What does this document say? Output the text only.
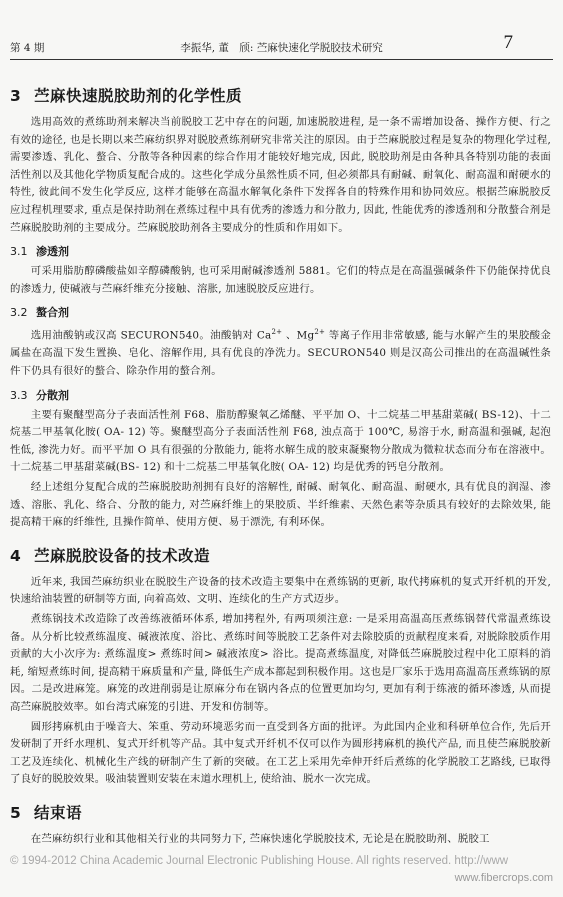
第 4 期	李振华, 董　颀: 苎麻快速化学脱胶技术研究	7
3 苎麻快速脱胶助剂的化学性质

选用高效的煮练助剂来解决当前脱胶工艺中存在的问题, 加速脱胶进程, 是一条不需增加设备、操作方便、行之有效的途径, 也是长期以来苎麻纺织界对脱胶煮练剂研究非常关注的原因。由于苎麻脱胶过程是复杂的物理化学过程, 需要渗透、乳化、螯合、分散等各种因素的综合作用才能较好地完成, 因此, 脱胶助剂是由各种具各特别功能的表面活性剂以及其他化学物质复配合成的。这些化学成分虽然性质不同, 但必须都具有耐碱、耐氧化、耐高温和耐硬水的特性, 彼此间不发生化学反应, 这样才能够在高温水解氧化条件下发挥各自的特殊作用和协同效应。根据苎麻脱胶反应过程机理要求, 重点是保持助剂在煮练过程中具有优秀的渗透力和分散力, 因此, 性能优秀的渗透剂和分散螯合剂是苎麻脱胶助剂的主要成分。苎麻脱胶助剂各主要成分的性质和作用如下。

3.1 渗透剂

可采用脂肪醇磷酸盐如辛醇磷酸钠, 也可采用耐碱渗透剂 5881。它们的特点是在高温强碱条件下仍能保持优良的渗透力, 使碱液与苎麻纤维充分接触、溶胀, 加速脱胶反应进行。

3.2 螯合剂

选用油酸钠或汉高 SECURON540。油酸钠对 $Ca^{2+}$ 、$Mg^{2+}$ 等离子作用非常敏感, 能与水解产生的果胶酸金属盐在高温下发生置换、皂化、溶解作用, 具有优良的净洗力。SECURON540 则是汉高公司推出的在高温碱性条件下仍具有很好的螯合、除杂作用的螯合剂。

3.3 分散剂

主要有聚醚型高分子表面活性剂 F68、脂肪醇聚氧乙烯醚、平平加 O、十二烷基二甲基甜菜碱( BS-12)、十二烷基二甲基氧化胺( OA- 12) 等。聚醚型高分子表面活性剂 F68, 浊点高于 100℃, 易溶于水, 耐高温和强碱, 起泡性低, 渗洗力好。而平平加 O 具有很强的分散能力, 能将水解生成的胶束凝聚物分散成为微粒状态而分布在溶液中。十二烷基二甲基甜菜碱(BS- 12) 和十二烷基二甲基氧化胺( OA- 12) 均是优秀的钙皂分散剂。

经上述组分复配合成的苎麻脱胶助剂拥有良好的溶解性, 耐碱、耐氧化、耐高温、耐硬水, 具有优良的润湿、渗透、溶胀、乳化、络合、分散的能力, 对苎麻纤维上的果胶质、半纤维素、天然色素等杂质具有较好的去除效果, 能提高精干麻的纤维性, 且操作简单、使用方便、易于漂洗, 有利环保。

4 苎麻脱胶设备的技术改造

近年来, 我国苎麻纺织业在脱胶生产设备的技术改造主要集中在煮练锅的更新, 取代拷麻机的复式开纤机的开发, 快速给油装置的研制等方面, 向着高效、文明、连续化的生产方式迈步。

煮练锅技术改造除了改善练液循环体系, 增加拷程外, 有两项须注意: 一是采用高温高压煮练锅替代常温煮练设备。从分析比较煮练温度、碱液浓度、浴比、煮练时间等脱胶工艺条件对去除胶质的贡献程度来看, 对脱除胶质作用贡献的大小次序为: 煮练温度> 煮练时间> 碱液浓度> 浴比。提高煮练温度, 对降低苎麻脱胶过程中化工原料的消耗, 缩短煮练时间, 提高精干麻质量和产量, 降低生产成本都起到积极作用。这也是厂家乐于选用高温高压煮练锅的原因。二是改进麻笼。麻笼的改进削弱是让原麻分布在锅内各点的位置更加均匀, 更加有利于练液的循环渗透, 从而提高苎麻脱胶效率。如台湾式麻笼的引进、开发和仿制等。

圆形拷麻机由于噪音大、笨重、劳动环境恶劣而一直受到各方面的批评。为此国内企业和科研单位合作, 先后开发研制了开纤水理机、复式开纤机等产品。其中复式开纤机不仅可以作为圆形拷麻机的换代产品, 而且使苎麻脱胶新工艺及连续化、机械化生产线的研制产生了新的突破。在工艺上采用先牵伸开纤后煮练的化学脱胶工艺路线, 已取得了良好的脱胶效果。吸油装置则安装在末道水理机上, 使给油、脱水一次完成。

5 结束语

在苎麻纺织行业和其他相关行业的共同努力下, 苎麻快速化学脱胶技术, 无论是在脱胶助剂、脱胶工

© 1994-2012 China Academic Journal Electronic Publishing House. All rights reserved. http://www
www.fibercrops.com
